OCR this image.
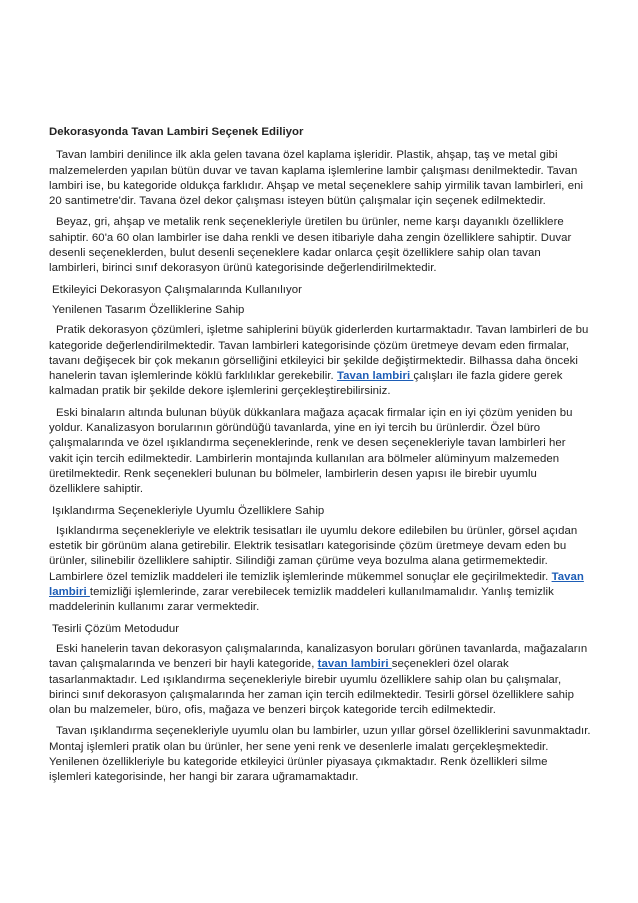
Dekorasyonda Tavan Lambiri Seçenek Ediliyor
Tavan lambiri denilince ilk akla gelen tavana özel kaplama işleridir. Plastik, ahşap, taş ve metal gibi malzemelerden yapılan bütün duvar ve tavan kaplama işlemlerine lambir çalışması denilmektedir. Tavan lambiri ise, bu kategoride oldukça farklıdır. Ahşap ve metal seçeneklere sahip yirmilik tavan lambirleri, eni 20 santimetre'dir. Tavana özel dekor çalışması isteyen bütün çalışmalar için seçenek edilmektedir.
Beyaz, gri, ahşap ve metalik renk seçenekleriyle üretilen bu ürünler, neme karşı dayanıklı özelliklere sahiptir. 60'a 60 olan lambirler ise daha renkli ve desen itibariyle daha zengin özelliklere sahiptir. Duvar desenli seçeneklerden, bulut desenli seçeneklere kadar onlarca çeşit özelliklere sahip olan tavan lambirleri, birinci sınıf dekorasyon ürünü kategorisinde değerlendirilmektedir.
Etkileyici Dekorasyon Çalışmalarında Kullanılıyor
Yenilenen Tasarım Özelliklerine Sahip
Pratik dekorasyon çözümleri, işletme sahiplerini büyük giderlerden kurtarmaktadır. Tavan lambirleri de bu kategoride değerlendirilmektedir. Tavan lambirleri kategorisinde çözüm üretmeye devam eden firmalar, tavanı değişecek bir çok mekanın görselliğini etkileyici bir şekilde değiştirmektedir. Bilhassa daha önceki hanelerin tavan işlemlerinde köklü farklılıklar gerekebilir. Tavan lambiri çalışları ile fazla gidere gerek kalmadan pratik bir şekilde dekore işlemlerini gerçekleştirebilirsiniz.
Eski binaların altında bulunan büyük dükkanlara mağaza açacak firmalar için en iyi çözüm yeniden bu yoldur. Kanalizasyon borularının göründüğü tavanlarda, yine en iyi tercih bu ürünlerdir. Özel büro çalışmalarında ve özel ışıklandırma seçeneklerinde, renk ve desen seçenekleriyle tavan lambirleri her vakit için tercih edilmektedir. Lambirlerin montajında kullanılan ara bölmeler alüminyum malzemeden üretilmektedir. Renk seçenekleri bulunan bu bölmeler, lambirlerin desen yapısı ile birebir uyumlu özelliklere sahiptir.
Işıklandırma Seçenekleriyle Uyumlu Özelliklere Sahip
Işıklandırma seçenekleriyle ve elektrik tesisatları ile uyumlu dekore edilebilen bu ürünler, görsel açıdan estetik bir görünüm alana getirebilir. Elektrik tesisatları kategorisinde çözüm üretmeye devam eden bu ürünler, silinebilir özelliklere sahiptir. Silindiği zaman çürüme veya bozulma alana getirmemektedir. Lambirlere özel temizlik maddeleri ile temizlik işlemlerinde mükemmel sonuçlar ele geçirilmektedir. Tavan lambiri temizliği işlemlerinde, zarar verebilecek temizlik maddeleri kullanılmamalıdır. Yanlış temizlik maddelerinin kullanımı zarar vermektedir.
Tesirli Çözüm Metodudur
Eski hanelerin tavan dekorasyon çalışmalarında, kanalizasyon boruları görünen tavanlarda, mağazaların tavan çalışmalarında ve benzeri bir hayli kategoride, tavan lambiri seçenekleri özel olarak tasarlanmaktadır. Led ışıklandırma seçenekleriyle birebir uyumlu özelliklere sahip olan bu çalışmalar, birinci sınıf dekorasyon çalışmalarında her zaman için tercih edilmektedir. Tesirli görsel özelliklere sahip olan bu malzemeler, büro, ofis, mağaza ve benzeri birçok kategoride tercih edilmektedir.
Tavan ışıklandırma seçenekleriyle uyumlu olan bu lambirler, uzun yıllar görsel özelliklerini savunmaktadır. Montaj işlemleri pratik olan bu ürünler, her sene yeni renk ve desenlerle imalatı gerçekleşmektedir. Yenilenen özellikleriyle bu kategoride etkileyici ürünler piyasaya çıkmaktadır. Renk özellikleri silme işlemleri kategorisinde, her hangi bir zarara uğramamaktadır.
